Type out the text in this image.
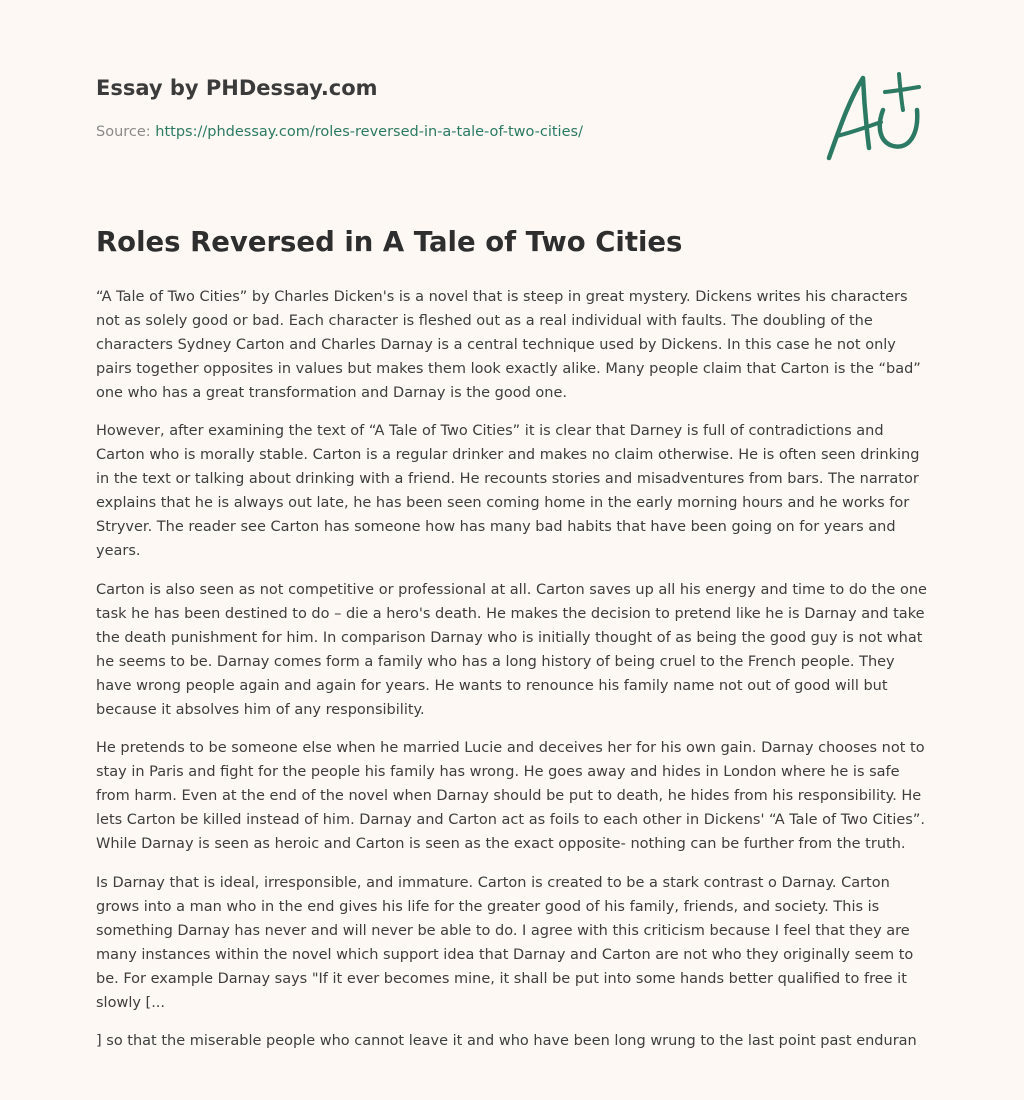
Essay by PHDessay.com
Source: https://phdessay.com/roles-reversed-in-a-tale-of-two-cities/
Roles Reversed in A Tale of Two Cities

“A Tale of Two Cities” by Charles Dicken's is a novel that is steep in great mystery. Dickens writes his characters not as solely good or bad. Each character is fleshed out as a real individual with faults. The doubling of the characters Sydney Carton and Charles Darnay is a central technique used by Dickens. In this case he not only pairs together opposites in values but makes them look exactly alike. Many people claim that Carton is the “bad” one who has a great transformation and Darnay is the good one.

However, after examining the text of “A Tale of Two Cities” it is clear that Darney is full of contradictions and Carton who is morally stable. Carton is a regular drinker and makes no claim otherwise. He is often seen drinking in the text or talking about drinking with a friend. He recounts stories and misadventures from bars. The narrator explains that he is always out late, he has been seen coming home in the early morning hours and he works for Stryver. The reader see Carton has someone how has many bad habits that have been going on for years and years.

Carton is also seen as not competitive or professional at all. Carton saves up all his energy and time to do the one task he has been destined to do – die a hero's death. He makes the decision to pretend like he is Darnay and take the death punishment for him. In comparison Darnay who is initially thought of as being the good guy is not what he seems to be. Darnay comes form a family who has a long history of being cruel to the French people. They have wrong people again and again for years. He wants to renounce his family name not out of good will but because it absolves him of any responsibility.

He pretends to be someone else when he married Lucie and deceives her for his own gain. Darnay chooses not to stay in Paris and fight for the people his family has wrong. He goes away and hides in London where he is safe from harm. Even at the end of the novel when Darnay should be put to death, he hides from his responsibility. He lets Carton be killed instead of him. Darnay and Carton act as foils to each other in Dickens' “A Tale of Two Cities”. While Darnay is seen as heroic and Carton is seen as the exact opposite- nothing can be further from the truth.

Is Darnay that is ideal, irresponsible, and immature. Carton is created to be a stark contrast o Darnay. Carton grows into a man who in the end gives his life for the greater good of his family, friends, and society. This is something Darnay has never and will never be able to do. I agree with this criticism because I feel that they are many instances within the novel which support idea that Darnay and Carton are not who they originally seem to be. For example Darnay says "If it ever becomes mine, it shall be put into some hands better qualified to free it slowly [...

] so that the miserable people who cannot leave it and who have been long wrung to the last point past enduran
